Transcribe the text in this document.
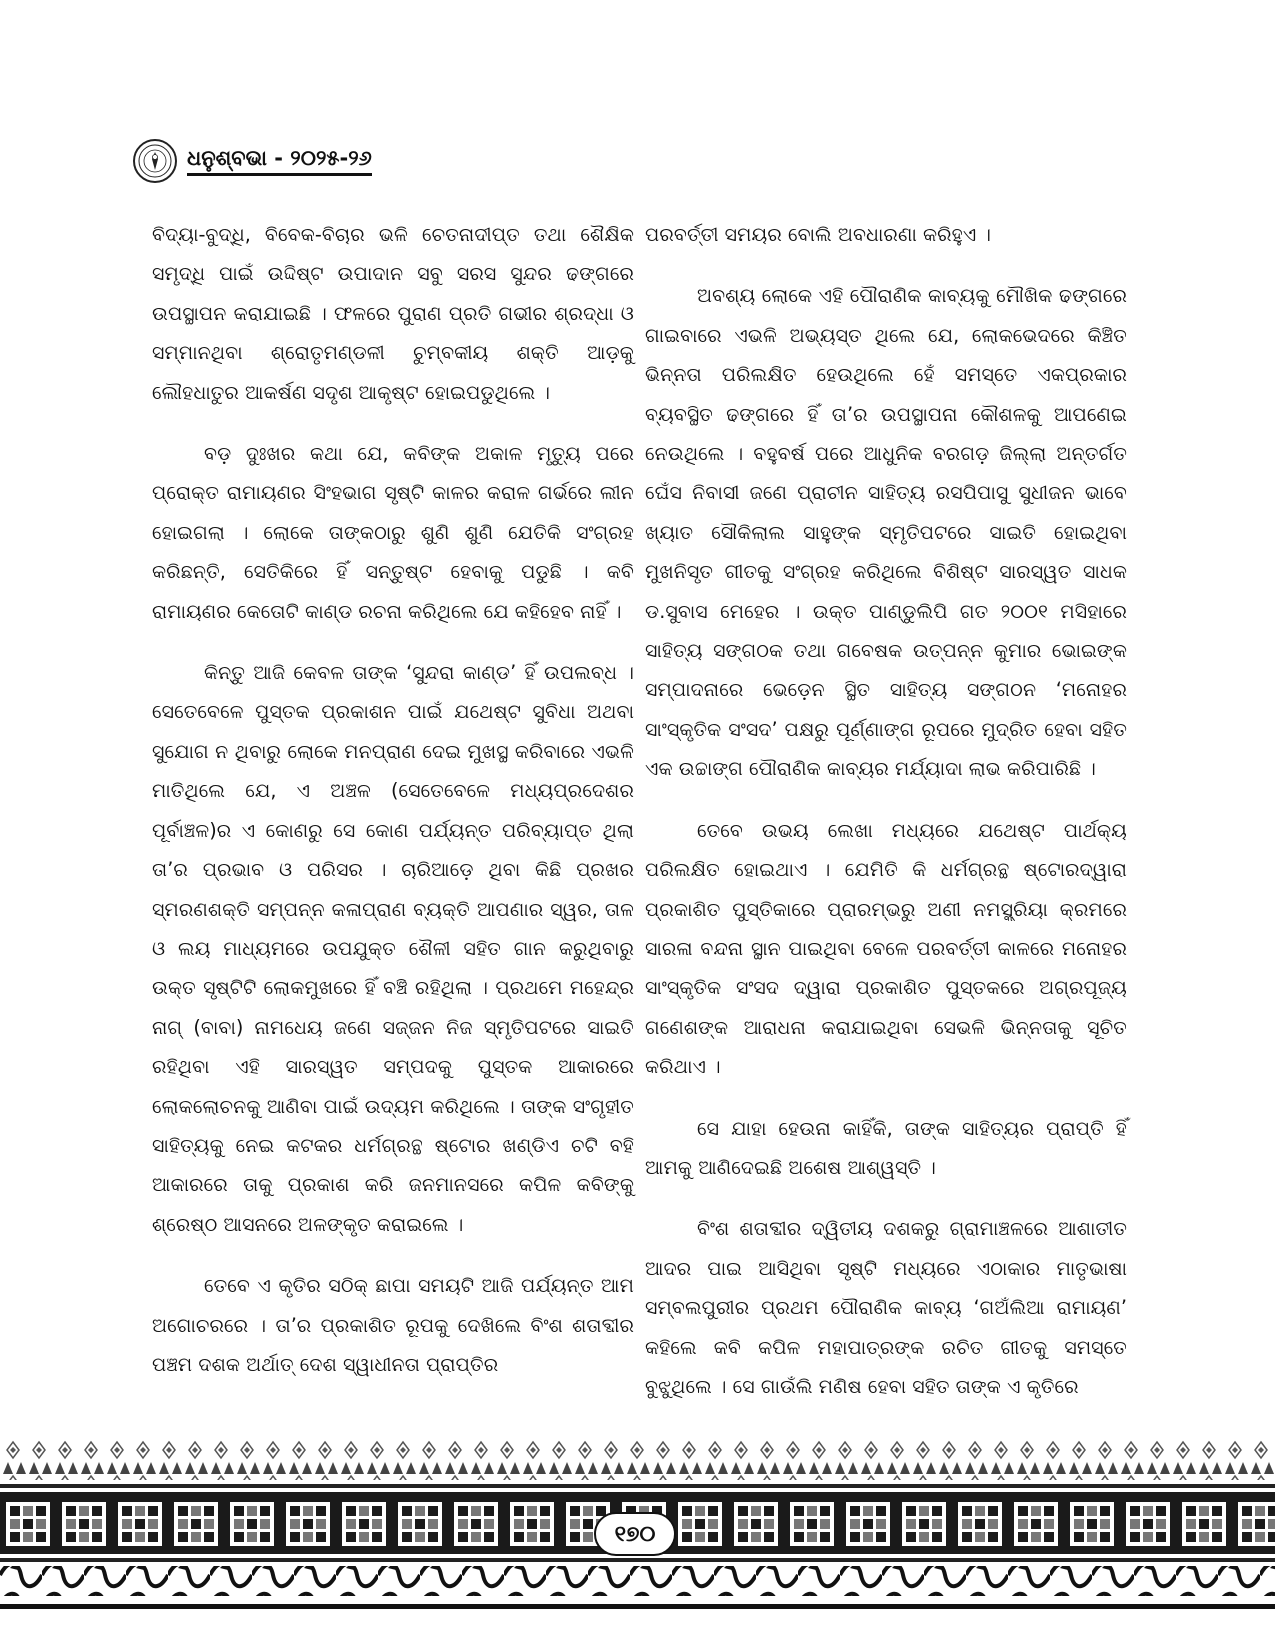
ଧନୁଶ୍ବଭା - ୨୦୨୫-୨୬

ବିଦ୍ୟା-ବୁଦ୍ଧି, ବିବେକ-ବିଚାର ଭଳି ଚେତନାଦୀପ୍ତ ତଥା ଶୈକ୍ଷିକ ସମୃଦ୍ଧି ପାଇଁ ଉଦ୍ଦିଷ୍ଟ ଉପାଦାନ ସବୁ ସରସ ସୁନ୍ଦର ଢଙ୍ଗରେ ଉପସ୍ଥାପନ କରାଯାଇଛି । ଫଳରେ ପୁରାଣ ପ୍ରତି ଗଭୀର ଶ୍ରଦ୍ଧା ଓ ସମ୍ମାନଥିବା ଶ୍ରୋତୃମଣ୍ଡଳୀ ଚୁମ୍ବକୀୟ ଶକ୍ତି ଆଡ଼କୁ ଲୌହଧାତୁର ଆକର୍ଷଣ ସଦୃଶ ଆକୃଷ୍ଟ ହୋଇପଡୁଥିଲେ ।

ବଡ଼ ଦୁଃଖର କଥା ଯେ, କବିଙ୍କ ଅକାଳ ମୃତ୍ୟୁ ପରେ ପ୍ରୋକ୍ତ ରାମାୟଣର ସିଂହଭାଗ ସୃଷ୍ଟି କାଳର କରାଳ ଗର୍ଭରେ ଲୀନ ହୋଇଗଲା । ଲୋକେ ତାଙ୍କଠାରୁ ଶୁଣି ଶୁଣି ଯେତିକି ସଂଗ୍ରହ କରିଛନ୍ତି, ସେତିକିରେ ହିଁ ସନ୍ତୁଷ୍ଟ ହେବାକୁ ପଡୁଛି । କବି ରାମାୟଣର କେତୋଟି କାଣ୍ଡ ରଚନା କରିଥିଲେ ଯେ କହିହେବ ନାହିଁ ।

କିନ୍ତୁ ଆଜି କେବଳ ତାଙ୍କ ‘ସୁନ୍ଦରା କାଣ୍ଡ’ ହିଁ ଉପଲବ୍ଧ । ସେତେବେଳେ ପୁସ୍ତକ ପ୍ରକାଶନ ପାଇଁ ଯଥେଷ୍ଟ ସୁବିଧା ଅଥବା ସୁଯୋଗ ନ ଥିବାରୁ ଲୋକେ ମନପ୍ରାଣ ଦେଇ ମୁଖସ୍ଥ କରିବାରେ ଏଭଳି ମାତିଥିଲେ ଯେ, ଏ ଅଞ୍ଚଳ (ସେତେବେଳେ ମଧ୍ୟପ୍ରଦେଶର ପୂର୍ବାଞ୍ଚଳ)ର ଏ କୋଣରୁ ସେ କୋଣ ପର୍ଯ୍ୟନ୍ତ ପରିବ୍ୟାପ୍ତ ଥିଲା ତା’ର ପ୍ରଭାବ ଓ ପରିସର । ଚାରିଆଡ଼େ ଥିବା କିଛି ପ୍ରଖର ସ୍ମରଣଶକ୍ତି ସମ୍ପନ୍ନ କଳାପ୍ରାଣ ବ୍ୟକ୍ତି ଆପଣାର ସ୍ୱର, ତାଳ ଓ ଲୟ ମାଧ୍ୟମରେ ଉପଯୁକ୍ତ ଶୈଳୀ ସହିତ ଗାନ କରୁଥିବାରୁ ଉକ୍ତ ସୃଷ୍ଟିଟି ଲୋକମୁଖରେ ହିଁ ବଞ୍ଚି ରହିଥିଲା । ପ୍ରଥମେ ମହେନ୍ଦ୍ର ନାଗ୍ (ବାବା) ନାମଧେୟ ଜଣେ ସଜ୍ଜନ ନିଜ ସ୍ମୃତିପଟରେ ସାଇତି ରହିଥିବା ଏହି ସାରସ୍ୱତ ସମ୍ପଦକୁ ପୁସ୍ତକ ଆକାରରେ ଲୋକଲୋଚନକୁ ଆଣିବା ପାଇଁ ଉଦ୍ୟମ କରିଥିଲେ । ତାଙ୍କ ସଂଗୃହୀତ ସାହିତ୍ୟକୁ ନେଇ କଟକର ଧର୍ମଗ୍ରନ୍ଥ ଷ୍ଟୋର ଖଣ୍ଡିଏ ଚଟି ବହି ଆକାରରେ ତାକୁ ପ୍ରକାଶ କରି ଜନମାନସରେ କପିଳ କବିଙ୍କୁ ଶ୍ରେଷ୍ଠ ଆସନରେ ଅଳଙ୍କୃତ କରାଇଲେ ।

ତେବେ ଏ କୃତିର ସଠିକ୍ ଛାପା ସମୟଟି ଆଜି ପର୍ଯ୍ୟନ୍ତ ଆମ ଅଗୋଚରରେ । ତା’ର ପ୍ରକାଶିତ ରୂପକୁ ଦେଖିଲେ ବିଂଶ ଶତାବ୍ଦୀର ପଞ୍ଚମ ଦଶକ ଅର୍ଥାତ୍ ଦେଶ ସ୍ୱାଧୀନତା ପ୍ରାପ୍ତିର

ପରବର୍ତ୍ତୀ ସମୟର ବୋଲି ଅବଧାରଣା କରିହୁଏ ।

ଅବଶ୍ୟ ଲୋକେ ଏହି ପୌରାଣିକ କାବ୍ୟକୁ ମୌଖିକ ଢଙ୍ଗରେ ଗାଇବାରେ ଏଭଳି ଅଭ୍ୟସ୍ତ ଥିଲେ ଯେ, ଲୋକଭେଦରେ କିଞ୍ଚିତ ଭିନ୍ନତା ପରିଲକ୍ଷିତ ହେଉଥିଲେ ହେଁ ସମସ୍ତେ ଏକପ୍ରକାର ବ୍ୟବସ୍ଥିତ ଢଙ୍ଗରେ ହିଁ ତା’ର ଉପସ୍ଥାପନା କୌଶଳକୁ ଆପଣେଇ ନେଉଥିଲେ । ବହୁବର୍ଷ ପରେ ଆଧୁନିକ ବରଗଡ଼ ଜିଲ୍ଲା ଅନ୍ତର୍ଗତ ଘେଁସ ନିବାସୀ ଜଣେ ପ୍ରାଚୀନ ସାହିତ୍ୟ ରସପିପାସୁ ସୁଧୀଜନ ଭାବେ ଖ୍ୟାତ ସୌକିଲାଲ ସାହୁଙ୍କ ସ୍ମୃତିପଟରେ ସାଇତି ହୋଇଥିବା ମୁଖନିସୃତ ଗୀତକୁ ସଂଗ୍ରହ କରିଥିଲେ ବିଶିଷ୍ଟ ସାରସ୍ୱତ ସାଧକ ଡ.ସୁବାସ ମେହେର । ଉକ୍ତ ପାଣ୍ଡୁଲିପି ଗତ ୨୦୦୧ ମସିହାରେ ସାହିତ୍ୟ ସଙ୍ଗଠକ ତଥା ଗବେଷକ ଉତ୍ପନ୍ନ କୁମାର ଭୋଇଙ୍କ ସମ୍ପାଦନାରେ ଭେଡ଼େନ ସ୍ଥିତ ସାହିତ୍ୟ ସଙ୍ଗଠନ ‘ମନୋହର ସାଂସ୍କୃତିକ ସଂସଦ’ ପକ୍ଷରୁ ପୂର୍ଣ୍ଣାଙ୍ଗ ରୂପରେ ମୁଦ୍ରିତ ହେବା ସହିତ ଏକ ଉଚ୍ଚାଙ୍ଗ ପୌରାଣିକ କାବ୍ୟର ମର୍ଯ୍ୟାଦା ଲାଭ କରିପାରିଛି ।

ତେବେ ଉଭୟ ଲେଖା ମଧ୍ୟରେ ଯଥେଷ୍ଟ ପାର୍ଥକ୍ୟ ପରିଲକ୍ଷିତ ହୋଇଥାଏ । ଯେମିତି କି ଧର୍ମଗ୍ରନ୍ଥ ଷ୍ଟୋରଦ୍ୱାରା ପ୍ରକାଶିତ ପୁସ୍ତିକାରେ ପ୍ରାରମ୍ଭରୁ ଅଣୀ ନମସ୍କ୍ରିୟା କ୍ରମରେ ସାରଳା ବନ୍ଦନା ସ୍ଥାନ ପାଇଥିବା ବେଳେ ପରବର୍ତ୍ତୀ କାଳରେ ମନୋହର ସାଂସ୍କୃତିକ ସଂସଦ ଦ୍ୱାରା ପ୍ରକାଶିତ ପୁସ୍ତକରେ ଅଗ୍ରପୂଜ୍ୟ ଗଣେଶଙ୍କ ଆରାଧନା କରାଯାଇଥିବା ସେଭଳି ଭିନ୍ନତାକୁ ସୂଚିତ କରିଥାଏ ।

ସେ ଯାହା ହେଉନା କାହିଁକି, ତାଙ୍କ ସାହିତ୍ୟର ପ୍ରାପ୍ତି ହିଁ ଆମକୁ ଆଣିଦେଇଛି ଅଶେଷ ଆଶ୍ୱସ୍ତି ।

ବିଂଶ ଶତାବ୍ଦୀର ଦ୍ୱିତୀୟ ଦଶକରୁ ଗ୍ରାମାଞ୍ଚଳରେ ଆଶାତୀତ ଆଦର ପାଇ ଆସିଥିବା ସୃଷ୍ଟି ମଧ୍ୟରେ ଏଠାକାର ମାତୃଭାଷା ସମ୍ବଲପୁରୀର ପ୍ରଥମ ପୌରାଣିକ କାବ୍ୟ ‘ଗଅଁଲିଆ ରାମାୟଣ’ କହିଲେ କବି କପିଳ ମହାପାତ୍ରଙ୍କ ରଚିତ ଗୀତକୁ ସମସ୍ତେ ବୁଝୁଥିଲେ । ସେ ଗାଉଁଲି ମଣିଷ ହେବା ସହିତ ତାଙ୍କ ଏ କୃତିରେ

୧୭୦
